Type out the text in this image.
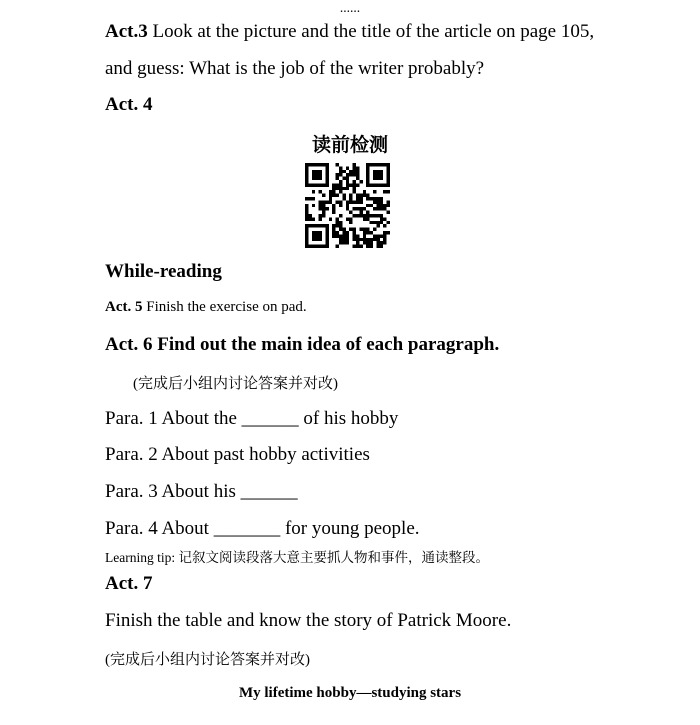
......
Act.3 Look at the picture and the title of the article on page 105,
and guess: What is the job of the writer probably?
Act. 4
读前检测
While-reading
Act. 5 Finish the exercise on pad.
Act. 6 Find out the main idea of each paragraph.
(完成后小组内讨论答案并对改)
Para. 1 About the ______ of his hobby
Para. 2 About past hobby activities
Para. 3 About his ______
Para. 4 About _______ for young people.
Learning tip: 记叙文阅读段落大意主要抓人物和事件，通读整段。
Act. 7
Finish the table and know the story of Patrick Moore.
(完成后小组内讨论答案并对改)
My lifetime hobby—studying stars
